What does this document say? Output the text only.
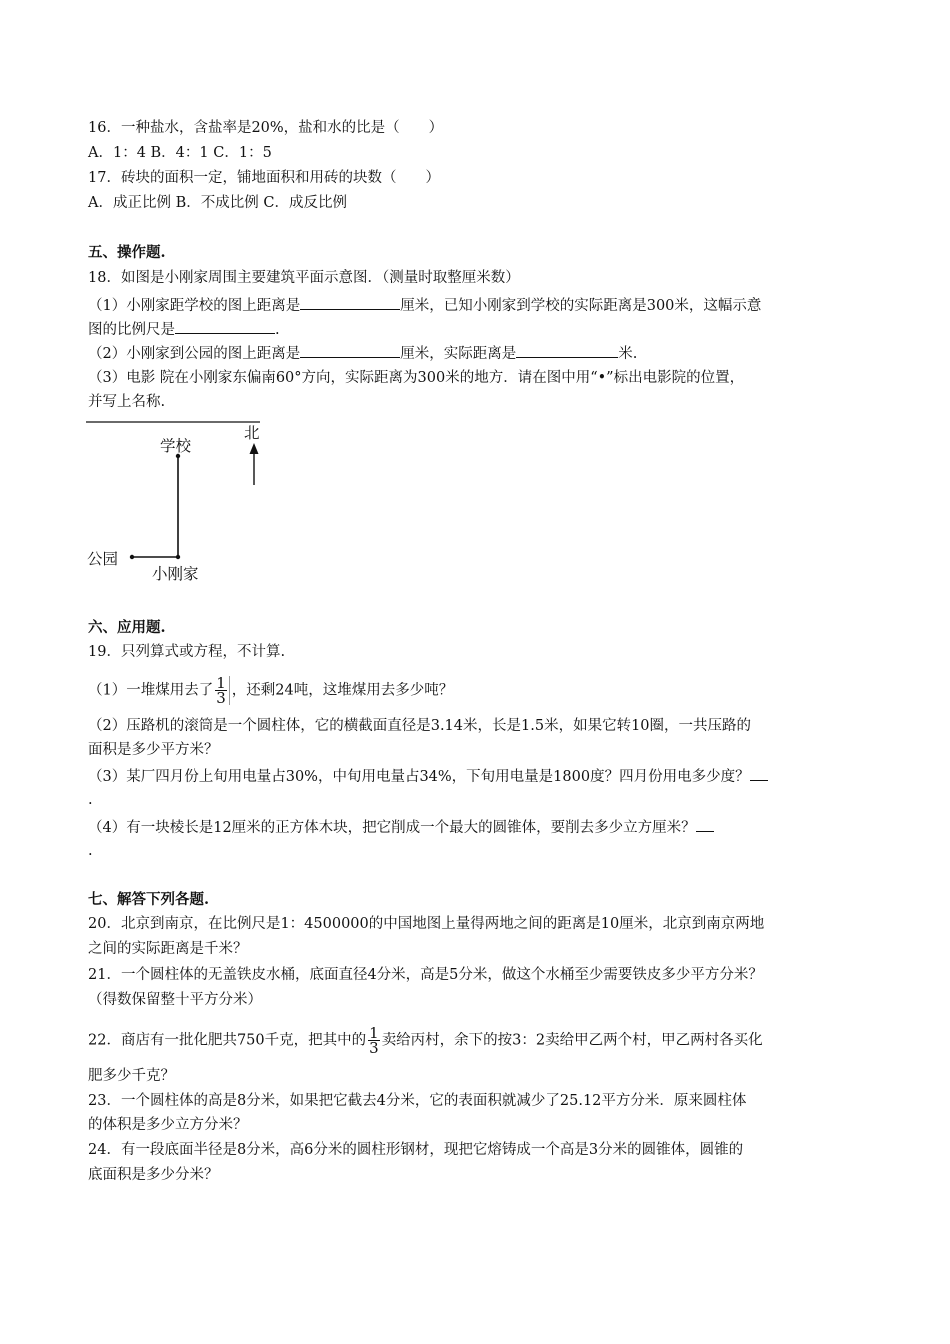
16．一种盐水，含盐率是20%，盐和水的比是（　　）
A．1：4 B．4：1 C．1：5
17．砖块的面积一定，铺地面积和用砖的块数（　　）
A．成正比例 B．不成比例 C．成反比例
五、操作题.
18．如图是小刚家周围主要建筑平面示意图．（测量时取整厘米数）
（1）小刚家距学校的图上距离是	厘米，已知小刚家到学校的实际距离是300米，这幅示意
图的比例尺是	.
（2）小刚家到公园的图上距离是	厘米，实际距离是	米.
（3）电影 院在小刚家东偏南60°方向，实际距离为300米的地方．请在图中用“•”标出电影院的位置，
并写上名称.
学校
北
公园
小刚家
六、应用题.
19．只列算式或方程，不计算.
（1）一堆煤用去了 $\frac{1}{3}$ ，还剩24吨，这堆煤用去多少吨？
（2）压路机的滚筒是一个圆柱体，它的横截面直径是3.14米，长是1.5米，如果它转10圈，一共压路的
面积是多少平方米？
（3）某厂四月份上旬用电量占30%，中旬用电量占34%，下旬用电量是1800度？四月份用电多少度？
.
（4）有一块棱长是12厘米的正方体木块，把它削成一个最大的圆锥体，要削去多少立方厘米？
.
七、解答下列各题.
20．北京到南京，在比例尺是1：4500000的中国地图上量得两地之间的距离是10厘米，北京到南京两地
之间的实际距离是千米？
21．一个圆柱体的无盖铁皮水桶，底面直径4分米，高是5分米，做这个水桶至少需要铁皮多少平方分米？
（得数保留整十平方分米）
22．商店有一批化肥共750千克，把其中的 $\frac{1}{3}$ 卖给丙村，余下的按3：2卖给甲乙两个村，甲乙两村各买化
肥多少千克？
23．一个圆柱体的高是8分米，如果把它截去4分米，它的表面积就减少了25.12平方分米．原来圆柱体
的体积是多少立方分米？
24．有一段底面半径是8分米，高6分米的圆柱形钢材，现把它熔铸成一个高是3分米的圆锥体，圆锥的
底面积是多少分米？
